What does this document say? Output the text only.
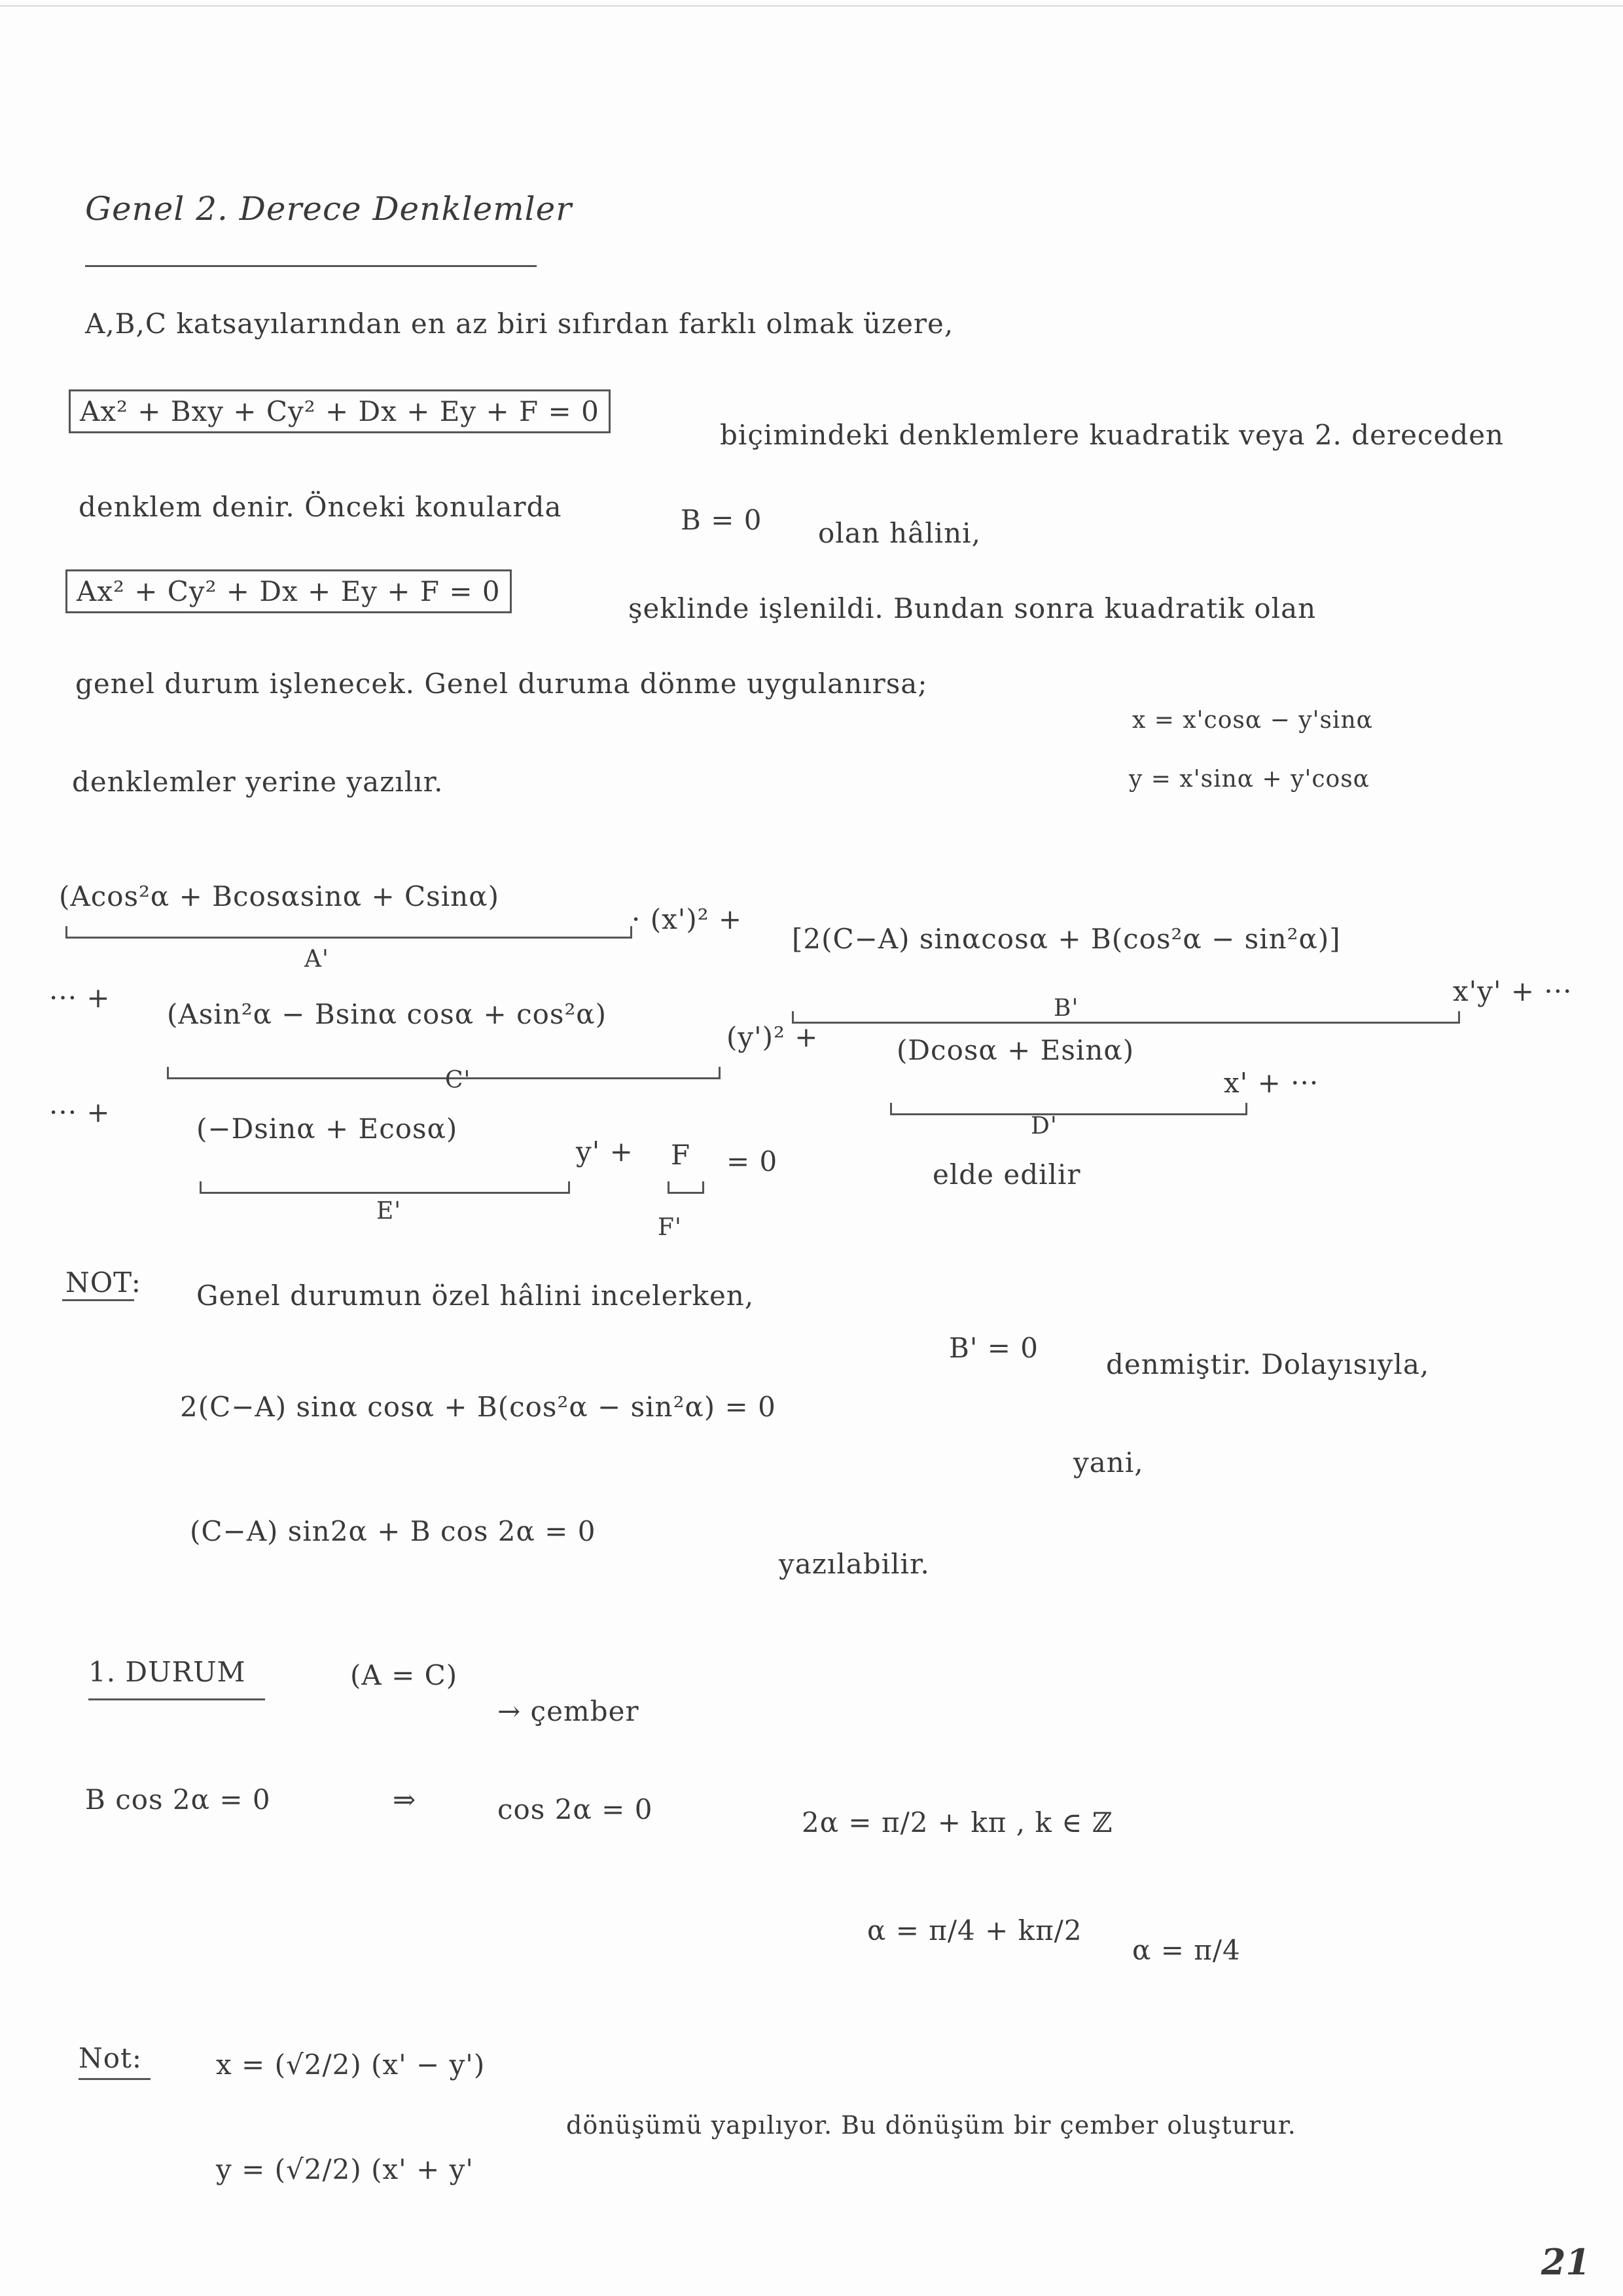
Genel 2. Derece Denklemler
A,B,C katsayılarından en az biri sıfırdan farklı olmak üzere,
Ax² + Bxy + Cy² + Dx + Ey + F = 0
biçimindeki denklemlere kuadratik veya 2. dereceden
denklem denir. Önceki konularda	B = 0 olan hâlini,
Ax² + Cy² + Dx + Ey + F = 0
şeklinde işlenildi. Bundan sonra kuadratik olan
genel durum işlenecek. Genel duruma dönme uygulanırsa;
x = x'cosα − y'sinα
y = x'sinα + y'cosα
denklemler yerine yazılır.
(Acos²α + Bcosαsinα + Csinα)
A'
· (x')² +
[2(C−A) sinαcosα + B(cos²α − sin²α)]
B'
x'y' + ···
··· +
(Asin²α − Bsinα cosα + cos²α)
C'
(y')² +	(Dcosα + Esinα)
D'
x' + ···
··· +
(−Dsinα + Ecosα)
E'
y' + F
F'
= 0	elde edilir
NOT: Genel durumun özel hâlini incelerken,
B' = 0
denmiştir. Dolayısıyla,
2(C−A) sinα cosα + B(cos²α − sin²α) = 0
yani,
(C−A) sin2α + B cos 2α = 0
yazılabilir.
1. DURUM	(A = C)
→ çember
B cos 2α = 0	⇒	cos 2α = 0	2α = π/2 + kπ , k ∈ ℤ
α = π/4 + kπ/2
α = π/4
Not:	x = (√2/2) (x' − y')
y = (√2/2) (x' + y'
dönüşümü yapılıyor. Bu dönüşüm bir çember oluşturur.
21
